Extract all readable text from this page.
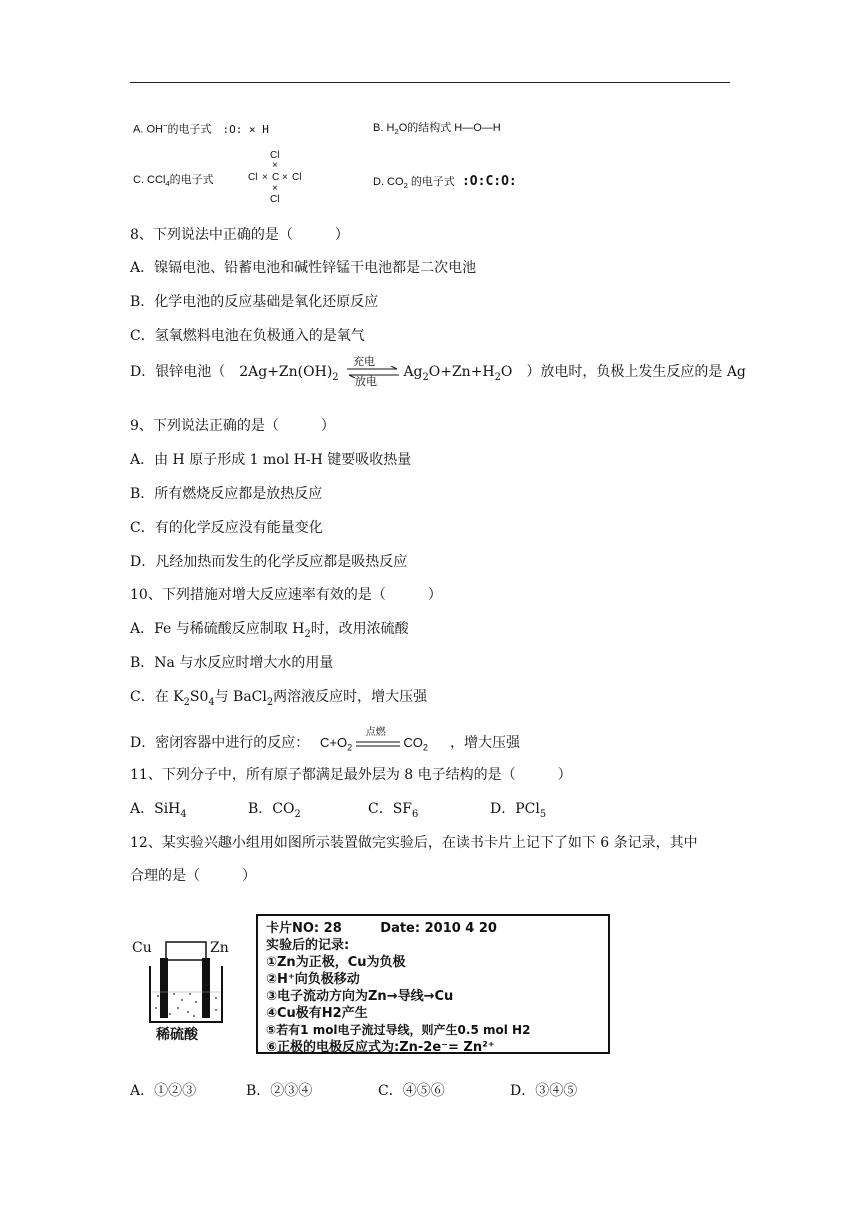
A. OH−的电子式 :O: × H	B. $H_2O$的结构式 H—O—H
C. CCl$_4$的电子式
Cl
×
Cl × C × Cl
×
Cl
D. $CO_2$ 的电子式 :O:C:O:
8、下列说法中正确的是（　　　）
A．镍镉电池、铅蓄电池和碱性锌锰干电池都是二次电池
B．化学电池的反应基础是氧化还原反应
C．氢氧燃料电池在负极通入的是氧气
D．银锌电池（　$2Ag+Zn(OH)_2$
充电
放电
$Ag_2O+Zn+H_2O$　）放电时，负极上发生反应的是 Ag
9、下列说法正确的是（　　　）
A．由 H 原子形成 1 mol H-H 键要吸收热量
B．所有燃烧反应都是放热反应
C．有的化学反应没有能量变化
D．凡经加热而发生的化学反应都是吸热反应
10、下列措施对增大反应速率有效的是（　　　）
A．Fe 与稀硫酸反应制取 $H_2$时，改用浓硫酸
B．Na 与水反应时增大水的用量
C．在 $K_2S0_4$与 BaCl$_2$两溶液反应时，增大压强
D．密闭容器中进行的反应： $C+O_2$
点燃
$CO_2$ ，增大压强
11、下列分子中，所有原子都满足最外层为 8 电子结构的是（　　　）
A．SiH$_4$	B．$CO_2$	C．$SF_6$	D．PCl$_5$
12、某实验兴趣小组用如图所示装置做完实验后，在读书卡片上记下了如下 6 条记录，其中
合理的是（　　　）
Cu	Zn
稀硫酸
卡片NO: 28	Date: 2010 4 20
实验后的记录:
①Zn为正极，Cu为负极
②H⁺向负极移动
③电子流动方向为Zn→导线→Cu
④Cu极有H2产生
⑤若有1 mol电子流过导线，则产生0.5 mol H2
⑥正极的电极反应式为:Zn-2e⁻= Zn²⁺
A．①②③	B．②③④	C．④⑤⑥	D．③④⑤
